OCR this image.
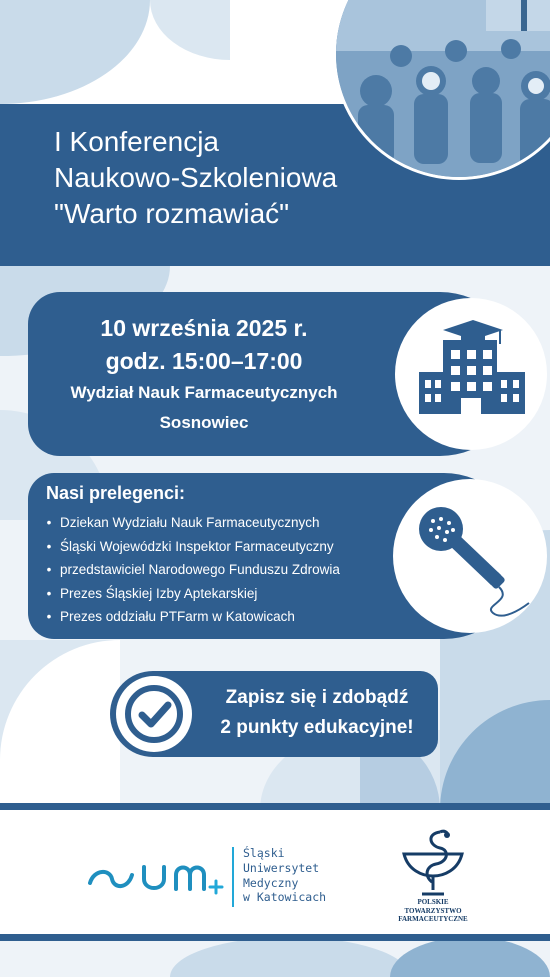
I Konferencja
Naukowo-Szkoleniowa
"Warto rozmawiać"
10 września 2025 r.
godz. 15:00–17:00
Wydział Nauk Farmaceutycznych
Sosnowiec
Nasi prelegenci:
• Dziekan Wydziału Nauk Farmaceutycznych
• Śląski Wojewódzki Inspektor Farmaceutyczny
• przedstawiciel Narodowego Funduszu Zdrowia
• Prezes Śląskiej Izby Aptekarskiej
• Prezes oddziału PTFarm w Katowicach
Zapisz się i zdobądź
2 punkty edukacyjne!
Śląski
Uniwersytet
Medyczny
w Katowicach	POLSKIE
TOWARZYSTWO
FARMACEUTYCZNE
